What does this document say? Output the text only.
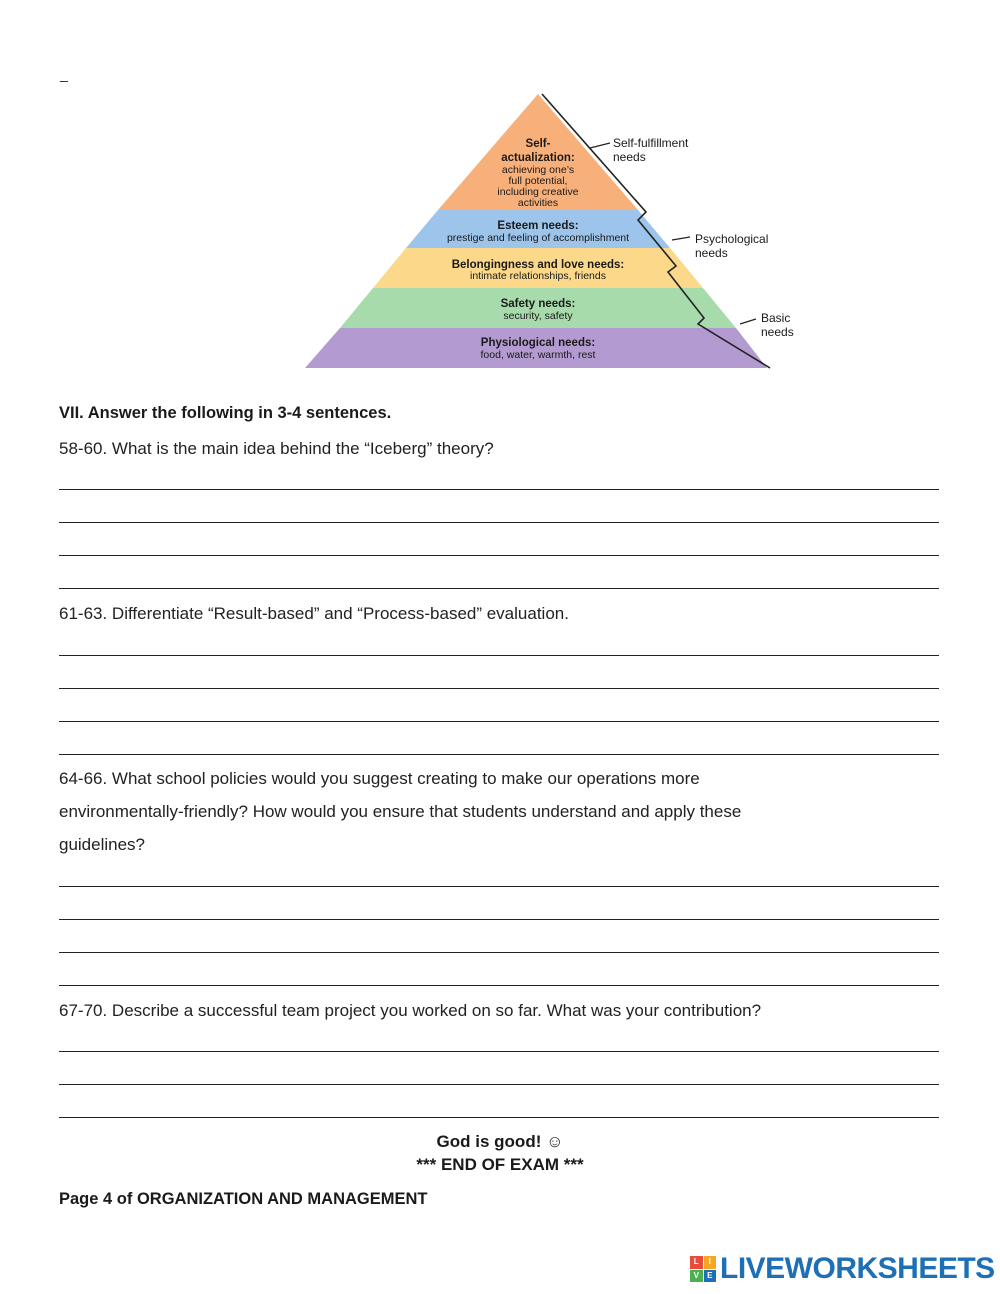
_
Self-
actualization:
achieving one’s
full potential,
including creative
activities
Esteem needs:
prestige and feeling of accomplishment
Belongingness and love needs:
intimate relationships, friends
Safety needs:
security, safety
Physiological needs:
food, water, warmth, rest
Self-fulfillment
needs
Psychological
needs
Basic
needs
VII. Answer the following in 3-4 sentences.
58-60. What is the main idea behind the “Iceberg” theory?
61-63. Differentiate “Result-based” and “Process-based” evaluation.
64-66. What school policies would you suggest creating to make our operations more
environmentally-friendly? How would you ensure that students understand and apply these
guidelines?
67-70. Describe a successful team project you worked on so far. What was your contribution?
God is good! ☺
*** END OF EXAM ***
Page 4 of ORGANIZATION AND MANAGEMENT
L	I
V	E LIVEWORKSHEETS
